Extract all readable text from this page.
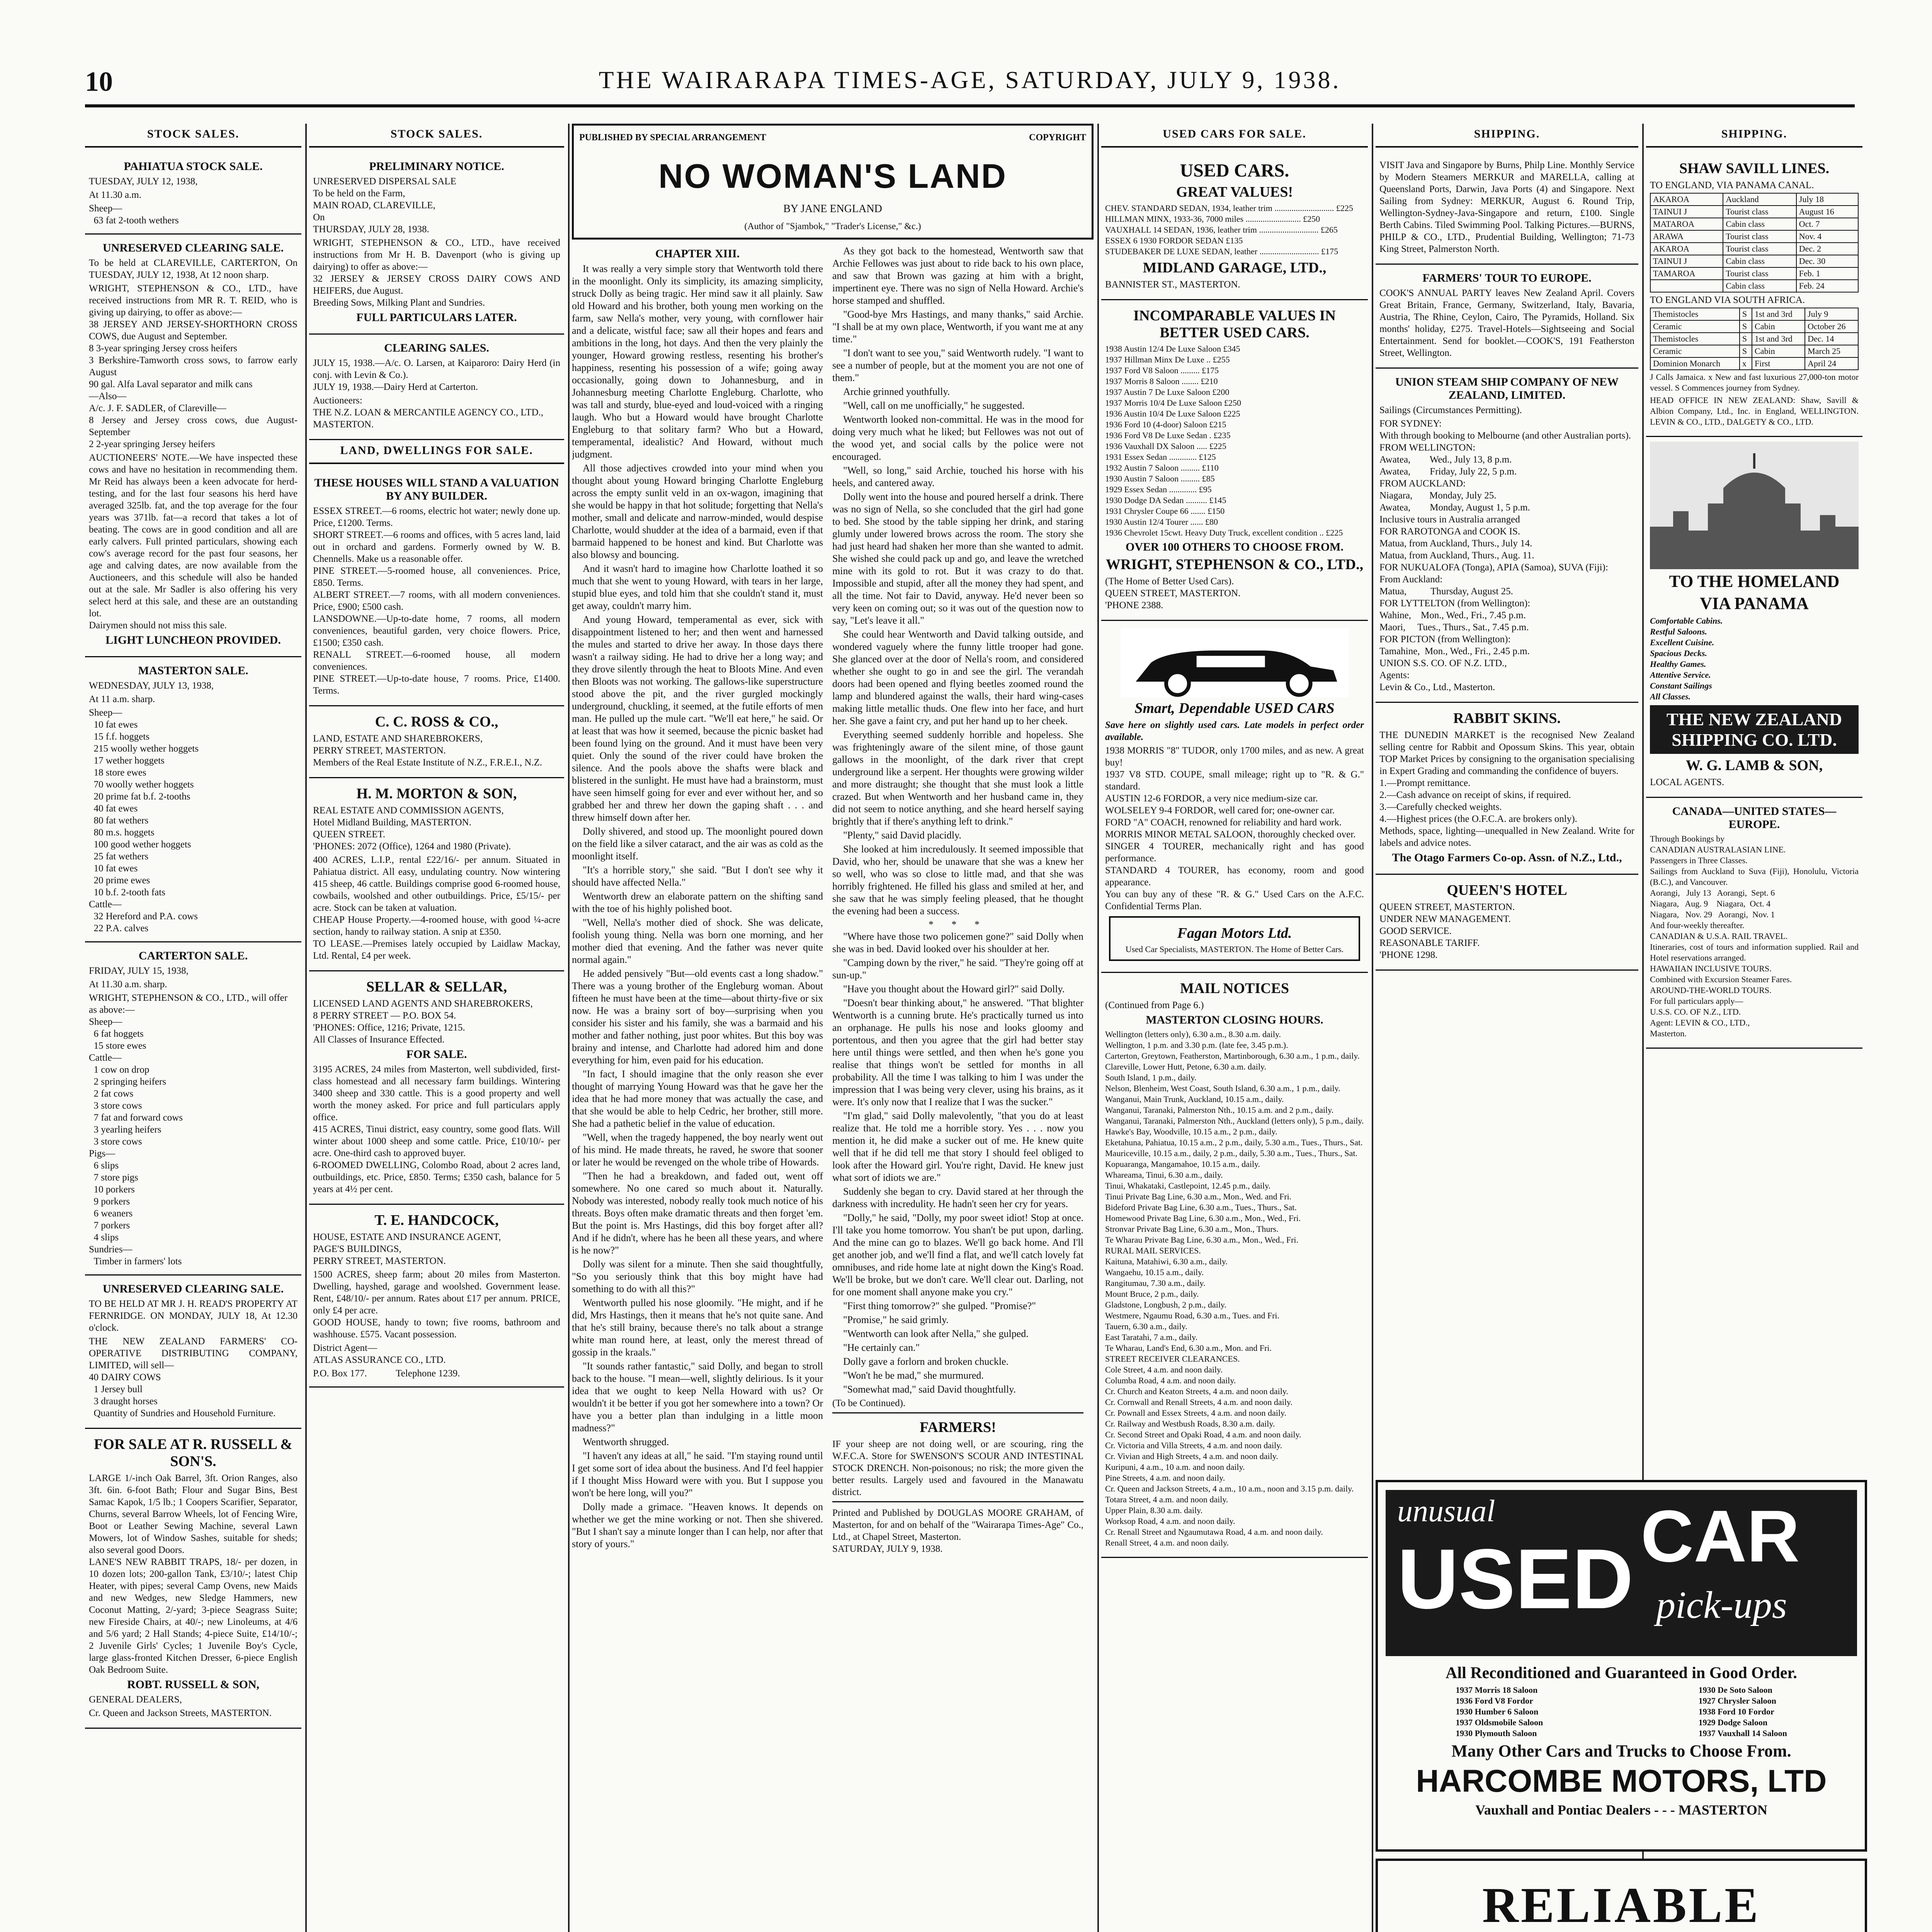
10	THE WAIRARAPA TIMES-AGE, SATURDAY, JULY 9, 1938.
STOCK SALES.
PAHIATUA STOCK SALE.
TUESDAY, JULY 12, 1938,
At 11.30 a.m.
Sheep—
63 fat 2-tooth wethers
UNRESERVED CLEARING SALE.
To be held at CLAREVILLE, CARTERTON, On TUESDAY, JULY 12, 1938, At 12 noon sharp.
WRIGHT, STEPHENSON & CO., LTD., have received instructions from MR R. T. REID, who is giving up dairying, to offer as above:—
38 JERSEY AND JERSEY-SHORTHORN CROSS COWS, due August and September.
8 3-year springing Jersey cross heifers
3 Berkshire-Tamworth cross sows, to farrow early August
90 gal. Alfa Laval separator and milk cans
—Also—
A/c. J. F. SADLER, of Clareville—
8 Jersey and Jersey cross cows, due August-September
2 2-year springing Jersey heifers
AUCTIONEERS' NOTE.—We have inspected these cows and have no hesitation in recommending them. Mr Reid has always been a keen advocate for herd-testing, and for the last four seasons his herd have averaged 325lb. fat, and the top average for the four years was 371lb. fat—a record that takes a lot of beating. The cows are in good condition and all are early calvers. Full printed particulars, showing each cow's average record for the past four seasons, her age and calving dates, are now available from the Auctioneers, and this schedule will also be handed out at the sale. Mr Sadler is also offering his very select herd at this sale, and these are an outstanding lot.
Dairymen should not miss this sale.
LIGHT LUNCHEON PROVIDED.
MASTERTON SALE.
WEDNESDAY, JULY 13, 1938,
At 11 a.m. sharp.
Sheep—
10 fat ewes
15 f.f. hoggets
215 woolly wether hoggets
17 wether hoggets
18 store ewes
70 woolly wether hoggets
20 prime fat b.f. 2-tooths
40 fat ewes
80 fat wethers
80 m.s. hoggets
100 good wether hoggets
25 fat wethers
10 fat ewes
20 prime ewes
10 b.f. 2-tooth fats
Cattle—
32 Hereford and P.A. cows
22 P.A. calves
CARTERTON SALE.
FRIDAY, JULY 15, 1938,
At 11.30 a.m. sharp.
WRIGHT, STEPHENSON & CO., LTD., will offer as above:—
Sheep—
6 fat hoggets
15 store ewes
Cattle—
1 cow on drop
2 springing heifers
2 fat cows
3 store cows
7 fat and forward cows
3 yearling heifers
3 store cows
Pigs—
6 slips
7 store pigs
10 porkers
9 porkers
6 weaners
7 porkers
4 slips
Sundries—
Timber in farmers' lots
UNRESERVED CLEARING SALE.
TO BE HELD AT MR J. H. READ'S PROPERTY AT FERNRIDGE. ON MONDAY, JULY 18, At 12.30 o'clock.
THE NEW ZEALAND FARMERS' CO-OPERATIVE DISTRIBUTING COMPANY, LIMITED, will sell—
40 DAIRY COWS
1 Jersey bull
3 draught horses
Quantity of Sundries and Household Furniture.
FOR SALE AT R. RUSSELL & SON'S.
LARGE 1/-inch Oak Barrel, 3ft. Orion Ranges, also 3ft. 6in. 6-foot Bath; Flour and Sugar Bins, Best Samac Kapok, 1/5 lb.; 1 Coopers Scarifier, Separator, Churns, several Barrow Wheels, lot of Fencing Wire, Boot or Leather Sewing Machine, several Lawn Mowers, lot of Window Sashes, suitable for sheds; also several good Doors.
LANE'S NEW RABBIT TRAPS, 18/- per dozen, in 10 dozen lots; 200-gallon Tank, £3/10/-; latest Chip Heater, with pipes; several Camp Ovens, new Maids and new Wedges, new Sledge Hammers, new Coconut Matting, 2/-yard; 3-piece Seagrass Suite; new Fireside Chairs, at 40/-; new Linoleums, at 4/6 and 5/6 yard; 2 Hall Stands; 4-piece Suite, £14/10/-; 2 Juvenile Girls' Cycles; 1 Juvenile Boy's Cycle, large glass-fronted Kitchen Dresser, 6-piece English Oak Bedroom Suite.
ROBT. RUSSELL & SON,
GENERAL DEALERS,
Cr. Queen and Jackson Streets, MASTERTON.
STOCK SALES.
PRELIMINARY NOTICE.
UNRESERVED DISPERSAL SALE
To be held on the Farm,
MAIN ROAD, CLAREVILLE,
On
THURSDAY, JULY 28, 1938.
WRIGHT, STEPHENSON & CO., LTD., have received instructions from Mr H. B. Davenport (who is giving up dairying) to offer as above:—
32 JERSEY & JERSEY CROSS DAIRY COWS AND HEIFERS, due August.
Breeding Sows, Milking Plant and Sundries.
FULL PARTICULARS LATER.
CLEARING SALES.
JULY 15, 1938.—A/c. O. Larsen, at Kaiparoro: Dairy Herd (in conj. with Levin & Co.).
JULY 19, 1938.—Dairy Herd at Carterton.
Auctioneers:
THE N.Z. LOAN & MERCANTILE AGENCY CO., LTD.,
MASTERTON.
LAND, DWELLINGS FOR SALE.
THESE HOUSES WILL STAND A VALUATION BY ANY BUILDER.
ESSEX STREET.—6 rooms, electric hot water; newly done up. Price, £1200. Terms.
SHORT STREET.—6 rooms and offices, with 5 acres land, laid out in orchard and gardens. Formerly owned by W. B. Chennells. Make us a reasonable offer.
PINE STREET.—5-roomed house, all conveniences. Price, £850. Terms.
ALBERT STREET.—7 rooms, with all modern conveniences. Price, £900; £500 cash.
LANSDOWNE.—Up-to-date home, 7 rooms, all modern conveniences, beautiful garden, very choice flowers. Price, £1500; £350 cash.
RENALL STREET.—6-roomed house, all modern conveniences.
PINE STREET.—Up-to-date house, 7 rooms. Price, £1400. Terms.
C. C. ROSS & CO.,
LAND, ESTATE AND SHAREBROKERS,
PERRY STREET, MASTERTON.
Members of the Real Estate Institute of N.Z., F.R.E.I., N.Z.
H. M. MORTON & SON,
REAL ESTATE AND COMMISSION AGENTS,
Hotel Midland Building, MASTERTON.
QUEEN STREET.
'PHONES: 2072 (Office), 1264 and 1980 (Private).
400 ACRES, L.I.P., rental £22/16/- per annum. Situated in Pahiatua district. All easy, undulating country. Now wintering 415 sheep, 46 cattle. Buildings comprise good 6-roomed house, cowbails, woolshed and other outbuildings. Price, £5/15/- per acre. Stock can be taken at valuation.
CHEAP House Property.—4-roomed house, with good ¼-acre section, handy to railway station. A snip at £350.
TO LEASE.—Premises lately occupied by Laidlaw Mackay, Ltd. Rental, £4 per week.
SELLAR & SELLAR,
LICENSED LAND AGENTS AND SHAREBROKERS,
8 PERRY STREET — P.O. BOX 54.
'PHONES: Office, 1216; Private, 1215.
All Classes of Insurance Effected.
FOR SALE.
3195 ACRES, 24 miles from Masterton, well subdivided, first-class homestead and all necessary farm buildings. Wintering 3400 sheep and 330 cattle. This is a good property and well worth the money asked. For price and full particulars apply office.
415 ACRES, Tinui district, easy country, some good flats. Will winter about 1000 sheep and some cattle. Price, £10/10/- per acre. One-third cash to approved buyer.
6-ROOMED DWELLING, Colombo Road, about 2 acres land, outbuildings, etc. Price, £850. Terms; £350 cash, balance for 5 years at 4½ per cent.
T. E. HANDCOCK,
HOUSE, ESTATE AND INSURANCE AGENT,
PAGE'S BUILDINGS,
PERRY STREET, MASTERTON.
1500 ACRES, sheep farm; about 20 miles from Masterton. Dwelling, hayshed, garage and woolshed. Government lease. Rent, £48/10/- per annum. Rates about £17 per annum. PRICE, only £4 per acre.
GOOD HOUSE, handy to town; five rooms, bathroom and washhouse. £575. Vacant possession.
District Agent—
ATLAS ASSURANCE CO., LTD.
P.O. Box 177.            Telephone 1239.
PUBLISHED BY SPECIAL ARRANGEMENT	COPYRIGHT
NO WOMAN'S LAND
BY JANE ENGLAND
(Author of "Sjambok," "Trader's License," &c.)
CHAPTER XIII.

It was really a very simple story that Wentworth told there in the moonlight. Only its simplicity, its amazing simplicity, struck Dolly as being tragic. Her mind saw it all plainly. Saw old Howard and his brother, both young men working on the farm, saw Nella's mother, very young, with cornflower hair and a delicate, wistful face; saw all their hopes and fears and ambitions in the long, hot days. And then the very plainly the younger, Howard growing restless, resenting his brother's happiness, resenting his possession of a wife; going away occasionally, going down to Johannesburg, and in Johannesburg meeting Charlotte Engleburg. Charlotte, who was tall and sturdy, blue-eyed and loud-voiced with a ringing laugh. Who but a Howard would have brought Charlotte Engleburg to that solitary farm? Who but a Howard, temperamental, idealistic? And Howard, without much judgment.

All those adjectives crowded into your mind when you thought about young Howard bringing Charlotte Engleburg across the empty sunlit veld in an ox-wagon, imagining that she would be happy in that hot solitude; forgetting that Nella's mother, small and delicate and narrow-minded, would despise Charlotte, would shudder at the idea of a barmaid, even if that barmaid happened to be honest and kind. But Charlotte was also blowsy and bouncing.

And it wasn't hard to imagine how Charlotte loathed it so much that she went to young Howard, with tears in her large, stupid blue eyes, and told him that she couldn't stand it, must get away, couldn't marry him.

And young Howard, temperamental as ever, sick with disappointment listened to her; and then went and harnessed the mules and started to drive her away. In those days there wasn't a railway siding. He had to drive her a long way; and they drove silently through the heat to Bloots Mine. And even then Bloots was not working. The gallows-like superstructure stood above the pit, and the river gurgled mockingly underground, chuckling, it seemed, at the futile efforts of men man. He pulled up the mule cart. "We'll eat here," he said. Or at least that was how it seemed, because the picnic basket had been found lying on the ground. And it must have been very quiet. Only the sound of the river could have broken the silence. And the pools above the shafts were black and blistered in the sunlight. He must have had a brainstorm, must have seen himself going for ever and ever without her, and so grabbed her and threw her down the gaping shaft . . . and threw himself down after her.

Dolly shivered, and stood up. The moonlight poured down on the field like a silver cataract, and the air was as cold as the moonlight itself.

"It's a horrible story," she said. "But I don't see why it should have affected Nella."

Wentworth drew an elaborate pattern on the shifting sand with the toe of his highly polished boot.

"Well, Nella's mother died of shock. She was delicate, foolish young thing. Nella was born one morning, and her mother died that evening. And the father was never quite normal again."

He added pensively "But—old events cast a long shadow." There was a young brother of the Engleburg woman. About fifteen he must have been at the time—about thirty-five or six now. He was a brainy sort of boy—surprising when you consider his sister and his family, she was a barmaid and his mother and father nothing, just poor whites. But this boy was brainy and intense, and Charlotte had adored him and done everything for him, even paid for his education.

"In fact, I should imagine that the only reason she ever thought of marrying Young Howard was that he gave her the idea that he had more money that was actually the case, and that she would be able to help Cedric, her brother, still more. She had a pathetic belief in the value of education.

"Well, when the tragedy happened, the boy nearly went out of his mind. He made threats, he raved, he swore that sooner or later he would be revenged on the whole tribe of Howards.

"Then he had a breakdown, and faded out, went off somewhere. No one cared so much about it. Naturally. Nobody was interested, nobody really took much notice of his threats. Boys often make dramatic threats and then forget 'em. But the point is. Mrs Hastings, did this boy forget after all? And if he didn't, where has he been all these years, and where is he now?"

Dolly was silent for a minute. Then she said thoughtfully, "So you seriously think that this boy might have had something to do with all this?"

Wentworth pulled his nose gloomily. "He might, and if he did, Mrs Hastings, then it means that he's not quite sane. And that he's still brainy, because there's no talk about a strange white man round here, at least, only the merest thread of gossip in the kraals."

"It sounds rather fantastic," said Dolly, and began to stroll back to the house. "I mean—well, slightly delirious. Is it your idea that we ought to keep Nella Howard with us? Or wouldn't it be better if you got her somewhere into a town? Or have you a better plan than indulging in a little moon madness?"

Wentworth shrugged.

"I haven't any ideas at all," he said. "I'm staying round until I get some sort of idea about the business. And I'd feel happier if I thought Miss Howard were with you. But I suppose you won't be here long, will you?"

Dolly made a grimace. "Heaven knows. It depends on whether we get the mine working or not. Then she shivered. "But I shan't say a minute longer than I can help, nor after that story of yours."

As they got back to the homestead, Wentworth saw that Archie Fellowes was just about to ride back to his own place, and saw that Brown was gazing at him with a bright, impertinent eye. There was no sign of Nella Howard. Archie's horse stamped and shuffled.

"Good-bye Mrs Hastings, and many thanks," said Archie. "I shall be at my own place, Wentworth, if you want me at any time."

"I don't want to see you," said Wentworth rudely. "I want to see a number of people, but at the moment you are not one of them."

Archie grinned youthfully.

"Well, call on me unofficially," he suggested.

Wentworth looked non-committal. He was in the mood for doing very much what he liked; but Fellowes was not out of the wood yet, and social calls by the police were not encouraged.

"Well, so long," said Archie, touched his horse with his heels, and cantered away.

Dolly went into the house and poured herself a drink. There was no sign of Nella, so she concluded that the girl had gone to bed. She stood by the table sipping her drink, and staring glumly under lowered brows across the room. The story she had just heard had shaken her more than she wanted to admit. She wished she could pack up and go, and leave the wretched mine with its gold to rot. But it was crazy to do that. Impossible and stupid, after all the money they had spent, and all the time. Not fair to David, anyway. He'd never been so very keen on coming out; so it was out of the question now to say, "Let's leave it all."

She could hear Wentworth and David talking outside, and wondered vaguely where the funny little trooper had gone. She glanced over at the door of Nella's room, and considered whether she ought to go in and see the girl. The verandah doors had been opened and flying beetles zoomed round the lamp and blundered against the walls, their hard wing-cases making little metallic thuds. One flew into her face, and hurt her. She gave a faint cry, and put her hand up to her cheek.

Everything seemed suddenly horrible and hopeless. She was frighteningly aware of the silent mine, of those gaunt gallows in the moonlight, of the dark river that crept underground like a serpent. Her thoughts were growing wilder and more distraught; she thought that she must look a little crazed. But when Wentworth and her husband came in, they did not seem to notice anything, and she heard herself saying brightly that if there's anything left to drink."

"Plenty," said David placidly.

She looked at him incredulously. It seemed impossible that David, who her, should be unaware that she was a knew her so well, who was so close to little mad, and that she was horribly frightened. He filled his glass and smiled at her, and she saw that he was simply feeling pleased, that he thought the evening had been a success.

* * *

"Where have those two policemen gone?" said Dolly when she was in bed. David looked over his shoulder at her.

"Camping down by the river," he said. "They're going off at sun-up."

"Have you thought about the Howard girl?" said Dolly.

"Doesn't bear thinking about," he answered. "That blighter Wentworth is a cunning brute. He's practically turned us into an orphanage. He pulls his nose and looks gloomy and portentous, and then you agree that the girl had better stay here until things were settled, and then when he's gone you realise that things won't be settled for months in all probability. All the time I was talking to him I was under the impression that I was being very clever, using his brains, as it were. It's only now that I realize that I was the sucker."

"I'm glad," said Dolly malevolently, "that you do at least realize that. He told me a horrible story. Yes . . . now you mention it, he did make a sucker out of me. He knew quite well that if he did tell me that story I should feel obliged to look after the Howard girl. You're right, David. He knew just what sort of idiots we are."

Suddenly she began to cry. David stared at her through the darkness with incredulity. He hadn't seen her cry for years.

"Dolly," he said, "Dolly, my poor sweet idiot! Stop at once. I'll take you home tomorrow. You shan't be put upon, darling. And the mine can go to blazes. We'll go back home. And I'll get another job, and we'll find a flat, and we'll catch lovely fat omnibuses, and ride home late at night down the King's Road. We'll be broke, but we don't care. We'll clear out. Darling, not for one moment shall anyone make you cry."

"First thing tomorrow?" she gulped. "Promise?"

"Promise," he said grimly.

"Wentworth can look after Nella," she gulped.

"He certainly can."

Dolly gave a forlorn and broken chuckle.

"Won't he be mad," she murmured.

"Somewhat mad," said David thoughtfully.

(To be Continued).
FARMERS!

IF your sheep are not doing well, or are scouring, ring the W.F.C.A. Store for SWENSON'S SCOUR AND INTESTINAL STOCK DRENCH. Non-poisonous; no risk; the more given the better results. Largely used and favoured in the Manawatu district.

Printed and Published by DOUGLAS MOORE GRAHAM, of Masterton, for and on behalf of the "Wairarapa Times-Age" Co., Ltd., at Chapel Street, Masterton.
SATURDAY, JULY 9, 1938.

USED CARS FOR SALE.
USED CARS.
GREAT VALUES!
CHEV. STANDARD SEDAN, 1934, leather trim ............................ £225
HILLMAN MINX, 1933-36, 7000 miles .......................... £250
VAUXHALL 14 SEDAN, 1936, leather trim ............................ £265
ESSEX 6 1930 FORDOR SEDAN £135
STUDEBAKER DE LUXE SEDAN, leather ............................ £175
MIDLAND GARAGE, LTD.,
BANNISTER ST., MASTERTON.
INCOMPARABLE VALUES IN BETTER USED CARS.
1938 Austin 12/4 De Luxe Saloon £345
1937 Hillman Minx De Luxe .. £255
1937 Ford V8 Saloon ......... £175
1937 Morris 8 Saloon ........ £210
1937 Austin 7 De Luxe Saloon £200
1937 Morris 10/4 De Luxe Saloon £250
1936 Austin 10/4 De Luxe Saloon £225
1936 Ford 10 (4-door) Saloon £215
1936 Ford V8 De Luxe Sedan . £235
1936 Vauxhall DX Saloon ..... £225
1931 Essex Sedan ............. £125
1932 Austin 7 Saloon ......... £110
1930 Austin 7 Saloon ......... £85
1929 Essex Sedan ............. £95
1930 Dodge DA Sedan .......... £145
1931 Chrysler Coupe 66 ....... £150
1930 Austin 12/4 Tourer ...... £80
1936 Chevrolet 15cwt. Heavy Duty Truck, excellent condition .. £225
OVER 100 OTHERS TO CHOOSE FROM.
WRIGHT, STEPHENSON & CO., LTD.,
(The Home of Better Used Cars).
QUEEN STREET, MASTERTON.
'PHONE 2388.
Smart, Dependable USED CARS
Save here on slightly used cars. Late models in perfect order available.
1938 MORRIS "8" TUDOR, only 1700 miles, and as new. A great buy!
1937 V8 STD. COUPE, small mileage; right up to "R. & G." standard.
AUSTIN 12-6 FORDOR, a very nice medium-size car.
WOLSELEY 9-4 FORDOR, well cared for; one-owner car.
FORD "A" COACH, renowned for reliability and hard work.
MORRIS MINOR METAL SALOON, thoroughly checked over.
SINGER 4 TOURER, mechanically right and has good performance.
STANDARD 4 TOURER, has economy, room and good appearance.
You can buy any of these "R. & G." Used Cars on the A.F.C. Confidential Terms Plan.
Fagan Motors Ltd.
Used Car Specialists, MASTERTON. The Home of Better Cars.
MAIL NOTICES
(Continued from Page 6.)
MASTERTON CLOSING HOURS.
Wellington (letters only), 6.30 a.m., 8.30 a.m. daily.
Wellington, 1 p.m. and 3.30 p.m. (late fee, 3.45 p.m.).
Carterton, Greytown, Featherston, Martinborough, 6.30 a.m., 1 p.m., daily.
Clareville, Lower Hutt, Petone, 6.30 a.m. daily.
South Island, 1 p.m., daily.
Nelson, Blenheim, West Coast, South Island, 6.30 a.m., 1 p.m., daily.
Wanganui, Main Trunk, Auckland, 10.15 a.m., daily.
Wanganui, Taranaki, Palmerston Nth., 10.15 a.m. and 2 p.m., daily.
Wanganui, Taranaki, Palmerston Nth., Auckland (letters only), 5 p.m., daily.
Hawke's Bay, Woodville, 10.15 a.m., 2 p.m., daily.
Eketahuna, Pahiatua, 10.15 a.m., 2 p.m., daily, 5.30 a.m., Tues., Thurs., Sat.
Mauriceville, 10.15 a.m., daily, 2 p.m., daily, 5.30 a.m., Tues., Thurs., Sat.
Kopuaranga, Mangamahoe, 10.15 a.m., daily.
Whareama, Tinui, 6.30 a.m., daily.
Tinui, Whakataki, Castlepoint, 12.45 p.m., daily.
Tinui Private Bag Line, 6.30 a.m., Mon., Wed. and Fri.
Bideford Private Bag Line, 6.30 a.m., Tues., Thurs., Sat.
Homewood Private Bag Line, 6.30 a.m., Mon., Wed., Fri.
Stronvar Private Bag Line, 6.30 a.m., Mon., Thurs.
Te Wharau Private Bag Line, 6.30 a.m., Mon., Wed., Fri.
RURAL MAIL SERVICES.
Kaituna, Matahiwi, 6.30 a.m., daily.
Wangaehu, 10.15 a.m., daily.
Rangitumau, 7.30 a.m., daily.
Mount Bruce, 2 p.m., daily.
Gladstone, Longbush, 2 p.m., daily.
Westmere, Ngaumu Road, 6.30 a.m., Tues. and Fri.
Tauern, 6.30 a.m., daily.
East Taratahi, 7 a.m., daily.
Te Wharau, Land's End, 6.30 a.m., Mon. and Fri.
STREET RECEIVER CLEARANCES.
Cole Street, 4 a.m. and noon daily.
Columba Road, 4 a.m. and noon daily.
Cr. Church and Keaton Streets, 4 a.m. and noon daily.
Cr. Cornwall and Renall Streets, 4 a.m. and noon daily.
Cr. Pownall and Essex Streets, 4 a.m. and noon daily.
Cr. Railway and Westbush Roads, 8.30 a.m. daily.
Cr. Second Street and Opaki Road, 4 a.m. and noon daily.
Cr. Victoria and Villa Streets, 4 a.m. and noon daily.
Cr. Vivian and High Streets, 4 a.m. and noon daily.
Kuripuni, 4 a.m., 10 a.m. and noon daily.
Pine Streets, 4 a.m. and noon daily.
Cr. Queen and Jackson Streets, 4 a.m., 10 a.m., noon and 3.15 p.m. daily.
Totara Street, 4 a.m. and noon daily.
Upper Plain, 8.30 a.m. daily.
Worksop Road, 4 a.m. and noon daily.
Cr. Renall Street and Ngaumutawa Road, 4 a.m. and noon daily.
Renall Street, 4 a.m. and noon daily.
SHIPPING.
VISIT Java and Singapore by Burns, Philp Line. Monthly Service by Modern Steamers MERKUR and MARELLA, calling at Queensland Ports, Darwin, Java Ports (4) and Singapore. Next Sailing from Sydney: MERKUR, August 6. Round Trip, Wellington-Sydney-Java-Singapore and return, £100. Single Berth Cabins. Tiled Swimming Pool. Talking Pictures.—BURNS, PHILP & CO., LTD., Prudential Building, Wellington; 71-73 King Street, Palmerston North.
FARMERS' TOUR TO EUROPE.
COOK'S ANNUAL PARTY leaves New Zealand April. Covers Great Britain, France, Germany, Switzerland, Italy, Bavaria, Austria, The Rhine, Ceylon, Cairo, The Pyramids, Holland. Six months' holiday, £275. Travel-Hotels—Sightseeing and Social Entertainment. Send for booklet.—COOK'S, 191 Featherston Street, Wellington.
UNION STEAM SHIP COMPANY OF NEW ZEALAND, LIMITED.
Sailings (Circumstances Permitting).
FOR SYDNEY:
With through booking to Melbourne (and other Australian ports).
FROM WELLINGTON:
Awatea,        Wed., July 13, 8 p.m.
Awatea,        Friday, July 22, 5 p.m.
FROM AUCKLAND:
Niagara,       Monday, July 25.
Awatea,        Monday, August 1, 5 p.m.
Inclusive tours in Australia arranged
FOR RAROTONGA and COOK IS.
Matua, from Auckland, Thurs., July 14.
Matua, from Auckland, Thurs., Aug. 11.
FOR NUKUALOFA (Tonga), APIA (Samoa), SUVA (Fiji):
From Auckland:
Matua,          Thursday, August 25.
FOR LYTTELTON (from Wellington):
Wahine,    Mon., Wed., Fri., 7.45 p.m.
Maori,     Tues., Thurs., Sat., 7.45 p.m.
FOR PICTON (from Wellington):
Tamahine,  Mon., Wed., Fri., 2.45 p.m.
UNION S.S. CO. OF N.Z. LTD.,
Agents:
Levin & Co., Ltd., Masterton.
RABBIT SKINS.
THE DUNEDIN MARKET is the recognised New Zealand selling centre for Rabbit and Opossum Skins. This year, obtain TOP Market Prices by consigning to the organisation specialising in Expert Grading and commanding the confidence of buyers.
1.—Prompt remittance.
2.—Cash advance on receipt of skins, if required.
3.—Carefully checked weights.
4.—Highest prices (the O.F.C.A. are brokers only).
Methods, space, lighting—unequalled in New Zealand. Write for labels and advice notes.
The Otago Farmers Co-op. Assn. of N.Z., Ltd.,
QUEEN'S HOTEL
QUEEN STREET, MASTERTON.
UNDER NEW MANAGEMENT.
GOOD SERVICE.
REASONABLE TARIFF.
'PHONE 1298.
SHIPPING.
SHAW SAVILL LINES.
TO ENGLAND, VIA PANAMA CANAL.
AKAROA	Auckland	July 18
TAINUI J	Tourist class	August 16
MATAROA	Cabin class	Oct. 7
ARAWA	Tourist class	Nov. 4
AKAROA	Tourist class	Dec. 2
TAINUI J	Cabin class	Dec. 30
TAMAROA	Tourist class	Feb. 1
	Cabin class	Feb. 24
TO ENGLAND VIA SOUTH AFRICA.
Themistocles	S	1st and 3rd	July 9
Ceramic	S	Cabin	October 26
Themistocles	S	1st and 3rd	Dec. 14
Ceramic	S	Cabin	March 25
Dominion Monarch	x	First	April 24
J Calls Jamaica. x New and fast luxurious 27,000-ton motor vessel. S Commences journey from Sydney.
HEAD OFFICE IN NEW ZEALAND: Shaw, Savill & Albion Company, Ltd., Inc. in England, WELLINGTON. LEVIN & CO., LTD., DALGETY & CO., LTD.
TO THE HOMELAND
VIA PANAMA
Comfortable Cabins.
Restful Saloons.
Excellent Cuisine.
Spacious Decks.
Healthy Games.
Attentive Service.
Constant Sailings
All Classes.
THE NEW ZEALAND SHIPPING CO. LTD.
W. G. LAMB & SON,
LOCAL AGENTS.
CANADA—UNITED STATES—EUROPE.
Through Bookings by
CANADIAN AUSTRALASIAN LINE.
Passengers in Three Classes.
Sailings from Auckland to Suva (Fiji), Honolulu, Victoria (B.C.), and Vancouver.
Aorangi,   July 13   Aorangi,  Sept. 6
Niagara,   Aug. 9    Niagara,  Oct. 4
Niagara,   Nov. 29   Aorangi,  Nov. 1
And four-weekly thereafter.
CANADIAN & U.S.A. RAIL TRAVEL.
Itineraries, cost of tours and information supplied. Rail and Hotel reservations arranged.
HAWAIIAN INCLUSIVE TOURS.
Combined with Excursion Steamer Fares.
AROUND-THE-WORLD TOURS.
For full particulars apply—
U.S.S. CO. OF N.Z., LTD.
Agent: LEVIN & CO., LTD.,
Masterton.
unusual
USED CAR
pick-ups
All Reconditioned and Guaranteed in Good Order.
1937 Morris 18 Saloon
1936 Ford V8 Fordor
1930 Humber 6 Saloon
1937 Oldsmobile Saloon
1930 Plymouth Saloon
1930 De Soto Saloon
1927 Chrysler Saloon
1938 Ford 10 Fordor
1929 Dodge Saloon
1937 Vauxhall 14 Saloon
Many Other Cars and Trucks to Choose From.
HARCOMBE MOTORS, LTD
Vauxhall and Pontiac Dealers - - - MASTERTON
RELIABLE
